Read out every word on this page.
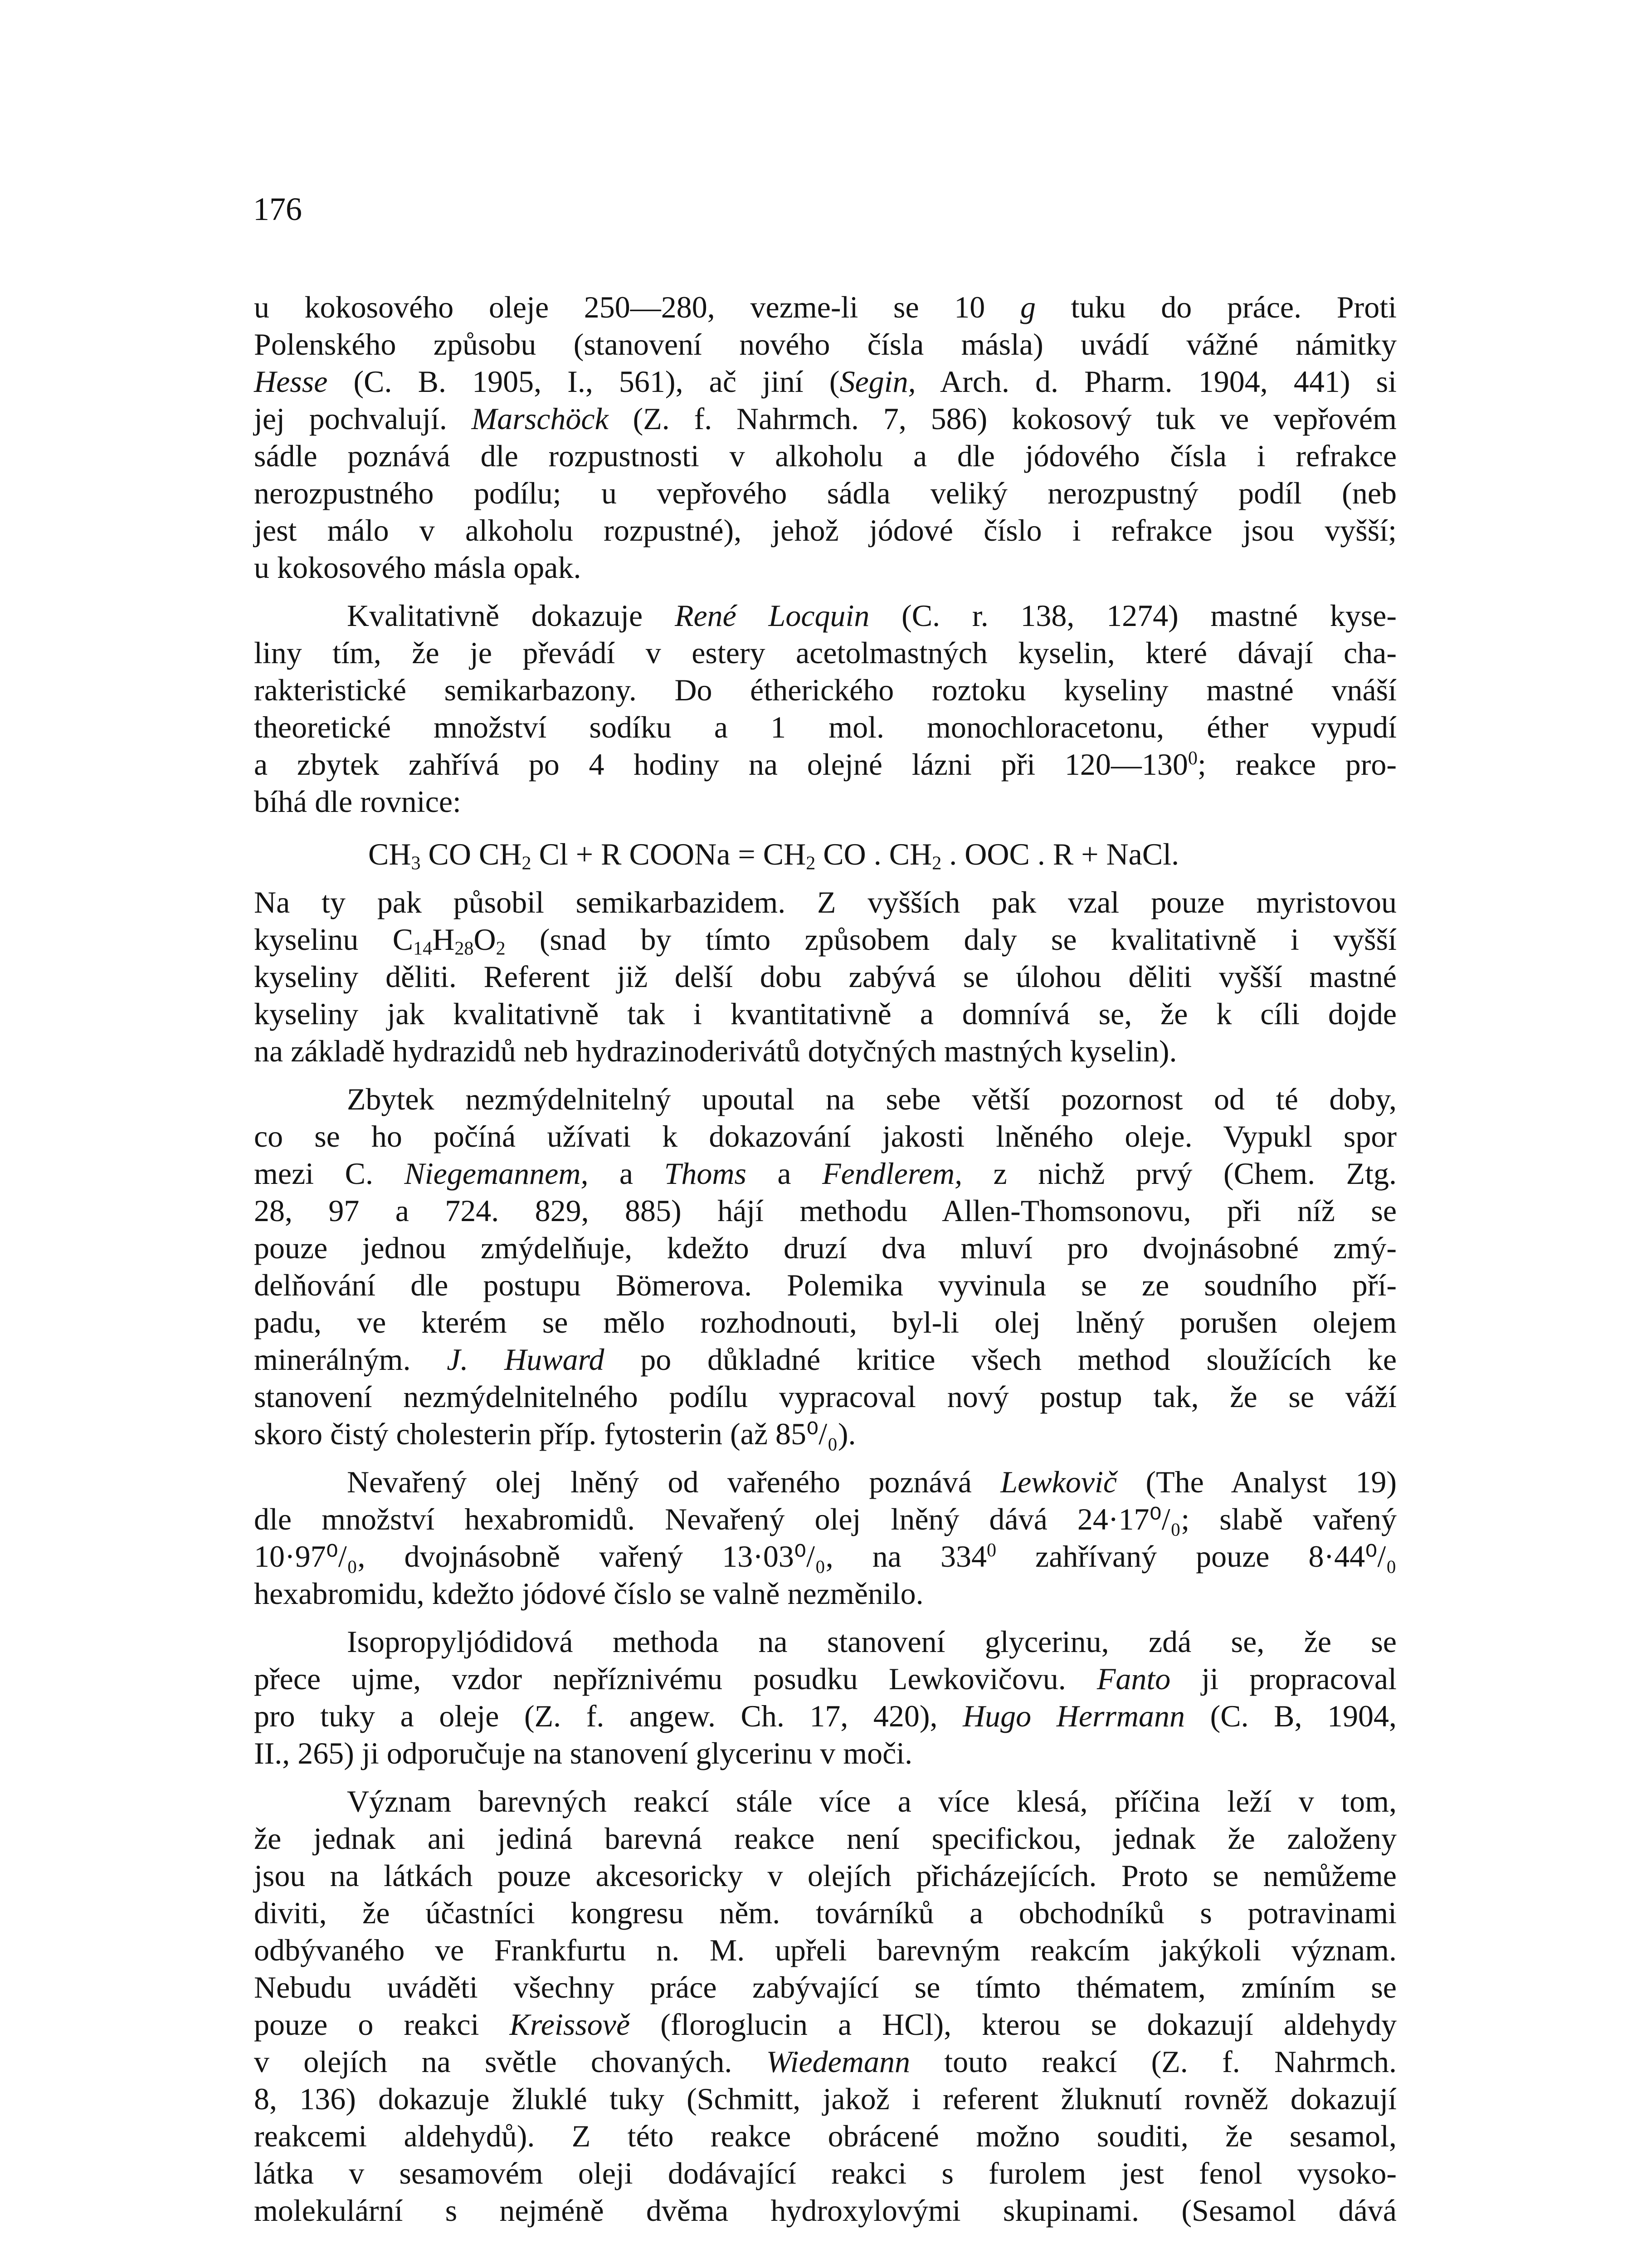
176
u kokosového oleje 250—280, vezme-li se 10 g tuku do práce. Proti
Polenského způsobu (stanovení nového čísla másla) uvádí vážné námitky
Hesse (C. B. 1905, I., 561), ač jiní (Segin, Arch. d. Pharm. 1904, 441) si
jej pochvalují. Marschöck (Z. f. Nahrmch. 7, 586) kokosový tuk ve vepřovém
sádle poznává dle rozpustnosti v alkoholu a dle jódového čísla i refrakce
nerozpustného podílu; u vepřového sádla veliký nerozpustný podíl (neb
jest málo v alkoholu rozpustné), jehož jódové číslo i refrakce jsou vyšší;
u kokosového másla opak.
Kvalitativně dokazuje René Locquin (C. r. 138, 1274) mastné kyse-
liny tím, že je převádí v estery acetolmastných kyselin, které dávají cha-
rakteristické semikarbazony. Do étherického roztoku kyseliny mastné vnáší
theoretické množství sodíku a 1 mol. monochloracetonu, éther vypudí
a zbytek zahřívá po 4 hodiny na olejné lázni při $120—130^0$; reakce pro-
bíhá dle rovnice:
$CH_3$ CO $CH_2$ Cl + R COONa = $CH_2$ CO . $CH_2$ . OOC . R + NaCl.
Na ty pak působil semikarbazidem. Z vyšších pak vzal pouze myristovou
kyselinu $C_{14}H_{28}O_2$ (snad by tímto způsobem daly se kvalitativně i vyšší
kyseliny děliti. Referent již delší dobu zabývá se úlohou děliti vyšší mastné
kyseliny jak kvalitativně tak i kvantitativně a domnívá se, že k cíli dojde
na základě hydrazidů neb hydrazinoderivátů dotyčných mastných kyselin).
Zbytek nezmýdelnitelný upoutal na sebe větší pozornost od té doby,
co se ho počíná užívati k dokazování jakosti lněného oleje. Vypukl spor
mezi C. Niegemannem, a Thoms a Fendlerem, z nichž prvý (Chem. Ztg.
28, 97 a 724. 829, 885) hájí methodu Allen-Thomsonovu, při níž se
pouze jednou zmýdelňuje, kdežto druzí dva mluví pro dvojnásobné zmý-
delňování dle postupu Bömerova. Polemika vyvinula se ze soudního pří-
padu, ve kterém se mělo rozhodnouti, byl-li olej lněný porušen olejem
minerálným. J. Huward po důkladné kritice všech method sloužících ke
stanovení nezmýdelnitelného podílu vypracoval nový postup tak, že se váží
skoro čistý cholesterin příp. fytosterin (až 85⁰/₀).
Nevařený olej lněný od vařeného poznává Lewkovič (The Analyst 19)
dle množství hexabromidů. Nevařený olej lněný dává 24·17⁰/₀; slabě vařený
10·97⁰/₀, dvojnásobně vařený 13·03⁰/₀, na $334^0$ zahřívaný pouze 8·44⁰/₀
hexabromidu, kdežto jódové číslo se valně nezměnilo.
Isopropyljódidová methoda na stanovení glycerinu, zdá se, že se
přece ujme, vzdor nepříznivému posudku Lewkovičovu. Fanto ji propracoval
pro tuky a oleje (Z. f. angew. Ch. 17, 420), Hugo Herrmann (C. B, 1904,
II., 265) ji odporučuje na stanovení glycerinu v moči.
Význam barevných reakcí stále více a více klesá, příčina leží v tom,
že jednak ani jediná barevná reakce není specifickou, jednak že založeny
jsou na látkách pouze akcesoricky v olejích přicházejících. Proto se nemůžeme
diviti, že účastníci kongresu něm. továrníků a obchodníků s potravinami
odbývaného ve Frankfurtu n. M. upřeli barevným reakcím jakýkoli význam.
Nebudu uváděti všechny práce zabývající se tímto thématem, zmíním se
pouze o reakci Kreissově (floroglucin a HCl), kterou se dokazují aldehydy
v olejích na světle chovaných. Wiedemann touto reakcí (Z. f. Nahrmch.
8, 136) dokazuje žluklé tuky (Schmitt, jakož i referent žluknutí rovněž dokazují
reakcemi aldehydů). Z této reakce obrácené možno souditi, že sesamol,
látka v sesamovém oleji dodávající reakci s furolem jest fenol vysoko-
molekulární s nejméně dvěma hydroxylovými skupinami. (Sesamol dává
